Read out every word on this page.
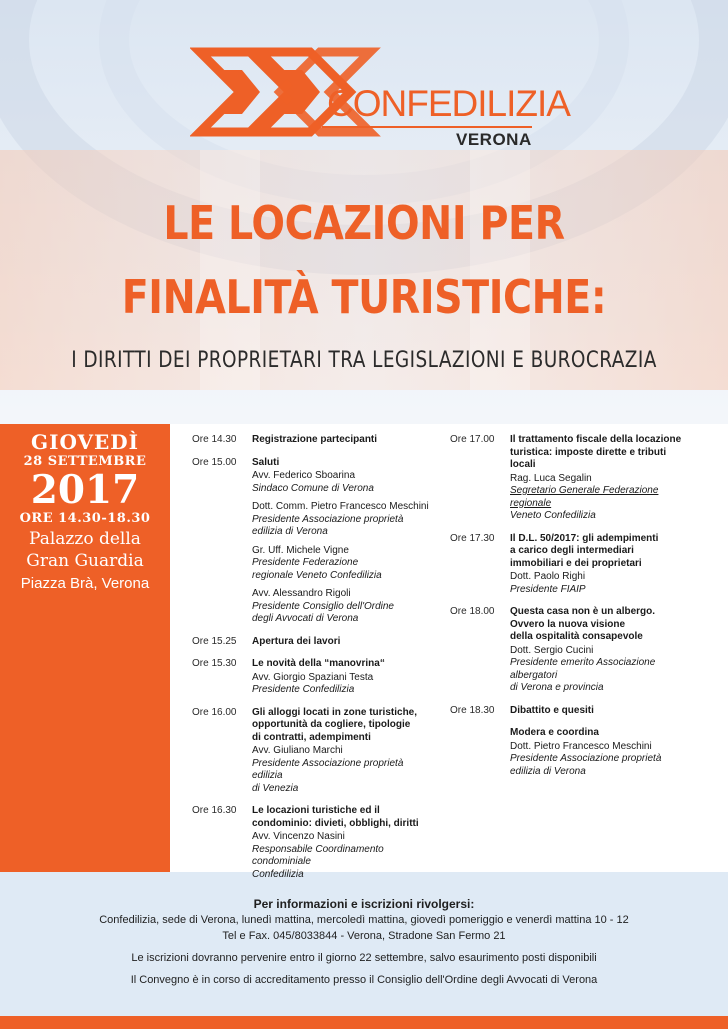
CONFEDILIZIA
VERONA
LE LOCAZIONI PER
FINALITÀ TURISTICHE:
I DIRITTI DEI PROPRIETARI TRA LEGISLAZIONI E BUROCRAZIA
GIOVEDÌ
28 SETTEMBRE
2017
ORE 14.30-18.30
Palazzo della
Gran Guardia
Piazza Brà, Verona
Ore 14.30	Registrazione partecipanti
Ore 15.00	Saluti
Avv. Federico Sboarina
Sindaco Comune di Verona
Dott. Comm. Pietro Francesco Meschini
Presidente Associazione proprietà
edilizia di Verona
Gr. Uff. Michele Vigne
Presidente Federazione
regionale Veneto Confedilizia
Avv. Alessandro Rigoli
Presidente Consiglio dell'Ordine
degli Avvocati di Verona
Ore 15.25	Apertura dei lavori
Ore 15.30	Le novità della “manovrina“
Avv. Giorgio Spaziani Testa
Presidente Confedilizia
Ore 16.00	Gli alloggi locati in zone turistiche,
opportunità da cogliere, tipologie
di contratti, adempimenti
Avv. Giuliano Marchi
Presidente Associazione proprietà edilizia
di Venezia
Ore 16.30	Le locazioni turistiche ed il
condominio: divieti, obblighi, diritti
Avv. Vincenzo Nasini
Responsabile Coordinamento condominiale
Confedilizia
Ore 17.00	Il trattamento fiscale della locazione
turistica: imposte dirette e tributi
locali
Rag. Luca Segalin
Segretario Generale Federazione regionale
Veneto Confedilizia
Ore 17.30	Il D.L. 50/2017: gli adempimenti
a carico degli intermediari
immobiliari e dei proprietari
Dott. Paolo Righi
Presidente FIAIP
Ore 18.00	Questa casa non è un albergo.
Ovvero la nuova visione
della ospitalità consapevole
Dott. Sergio Cucini
Presidente emerito Associazione albergatori
di Verona e provincia
Ore 18.30	Dibattito e quesiti
Modera e coordina
Dott. Pietro Francesco Meschini
Presidente Associazione proprietà
edilizia di Verona
Per informazioni e iscrizioni rivolgersi:
Confedilizia, sede di Verona, lunedì mattina, mercoledì mattina, giovedì pomeriggio e venerdì mattina 10 - 12
Tel e Fax. 045/8033844 - Verona, Stradone San Fermo 21
Le iscrizioni dovranno pervenire entro il giorno 22 settembre, salvo esaurimento posti disponibili
Il Convegno è in corso di accreditamento presso il Consiglio dell'Ordine degli Avvocati di Verona
